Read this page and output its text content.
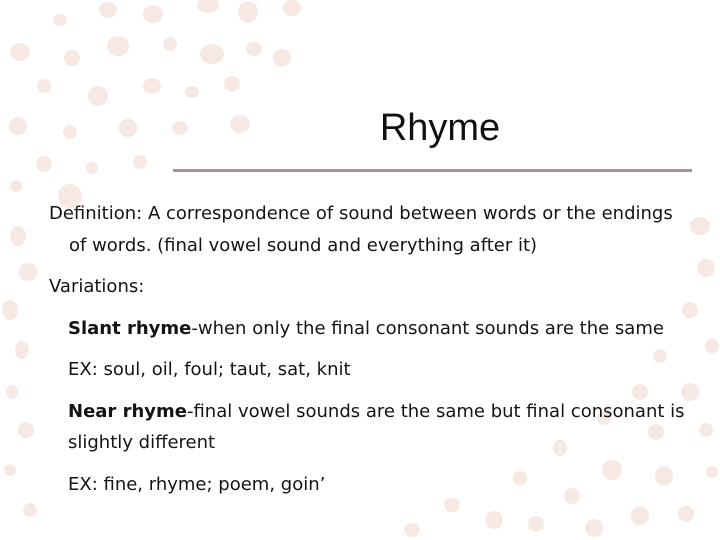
Rhyme

Definition: A correspondence of sound between words or the endings of words. (final vowel sound and everything after it)

Variations:

Slant rhyme-when only the final consonant sounds are the same

EX: soul, oil, foul; taut, sat, knit

Near rhyme-final vowel sounds are the same but final consonant is slightly different

EX: fine, rhyme; poem, goin’
